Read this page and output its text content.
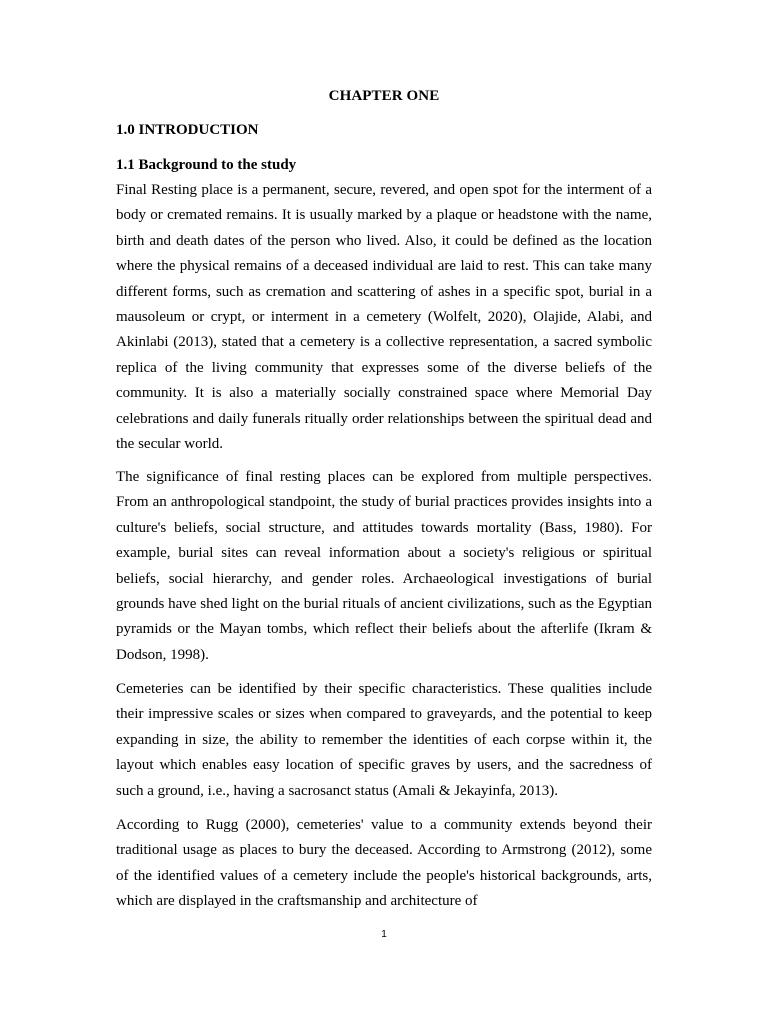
CHAPTER ONE
1.0 INTRODUCTION
1.1 Background to the study

Final Resting place is a permanent, secure, revered, and open spot for the interment of a body or cremated remains. It is usually marked by a plaque or headstone with the name, birth and death dates of the person who lived. Also, it could be defined as the location where the physical remains of a deceased individual are laid to rest. This can take many different forms, such as cremation and scattering of ashes in a specific spot, burial in a mausoleum or crypt, or interment in a cemetery (Wolfelt, 2020), Olajide, Alabi, and Akinlabi (2013), stated that a cemetery is a collective representation, a sacred symbolic replica of the living community that expresses some of the diverse beliefs of the community. It is also a materially socially constrained space where Memorial Day celebrations and daily funerals ritually order relationships between the spiritual dead and the secular world.

The significance of final resting places can be explored from multiple perspectives. From an anthropological standpoint, the study of burial practices provides insights into a culture's beliefs, social structure, and attitudes towards mortality (Bass, 1980). For example, burial sites can reveal information about a society's religious or spiritual beliefs, social hierarchy, and gender roles. Archaeological investigations of burial grounds have shed light on the burial rituals of ancient civilizations, such as the Egyptian pyramids or the Mayan tombs, which reflect their beliefs about the afterlife (Ikram & Dodson, 1998).

Cemeteries can be identified by their specific characteristics. These qualities include their impressive scales or sizes when compared to graveyards, and the potential to keep expanding in size, the ability to remember the identities of each corpse within it, the layout which enables easy location of specific graves by users, and the sacredness of such a ground, i.e., having a sacrosanct status (Amali & Jekayinfa, 2013).

According to Rugg (2000), cemeteries' value to a community extends beyond their traditional usage as places to bury the deceased. According to Armstrong (2012), some of the identified values of a cemetery include the people's historical backgrounds, arts, which are displayed in the craftsmanship and architecture of

1
